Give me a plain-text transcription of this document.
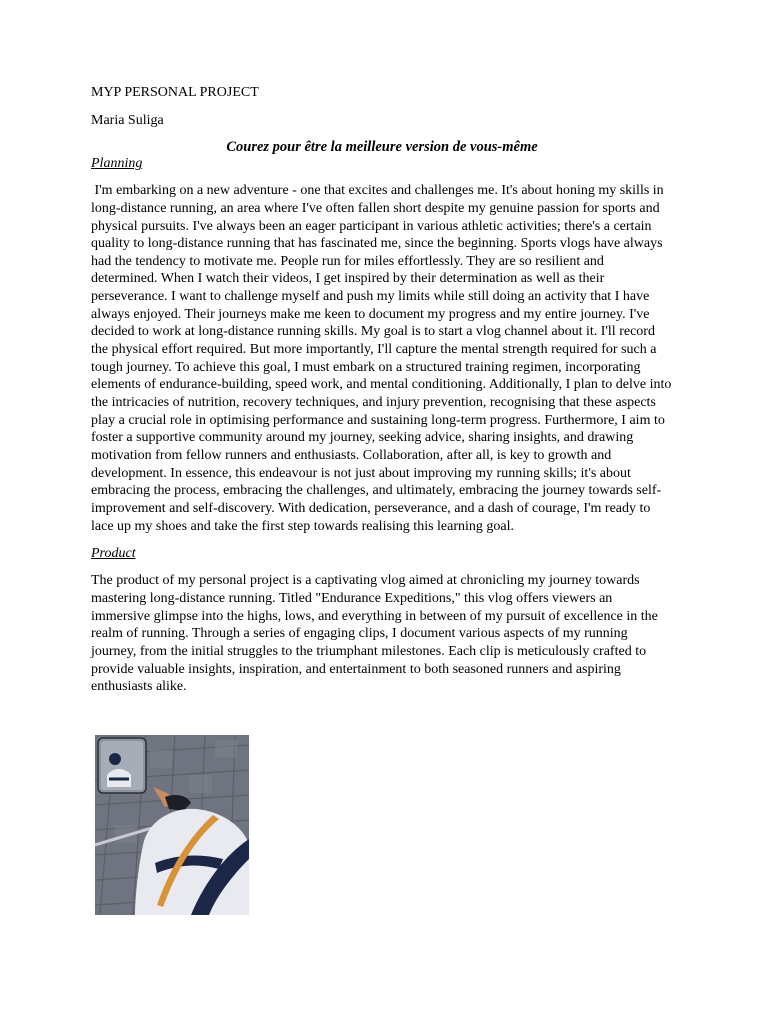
MYP PERSONAL PROJECT

Maria Suliga

Courez pour être la meilleure version de vous-même

Planning

I'm embarking on a new adventure - one that excites and challenges me. It's about honing my skills in long-distance running, an area where I've often fallen short despite my genuine passion for sports and physical pursuits. I've always been an eager participant in various athletic activities; there's a certain quality to long-distance running that has fascinated me, since the beginning. Sports vlogs have always had the tendency to motivate me. People run for miles effortlessly. They are so resilient and determined. When I watch their videos, I get inspired by their determination as well as their perseverance. I want to challenge myself and push my limits while still doing an activity that I have always enjoyed. Their journeys make me keen to document my progress and my entire journey. I've decided to work at long-distance running skills. My goal is to start a vlog channel about it. I'll record the physical effort required. But more importantly, I'll capture the mental strength required for such a tough journey. To achieve this goal, I must embark on a structured training regimen, incorporating elements of endurance-building, speed work, and mental conditioning. Additionally, I plan to delve into the intricacies of nutrition, recovery techniques, and injury prevention, recognising that these aspects play a crucial role in optimising performance and sustaining long-term progress. Furthermore, I aim to foster a supportive community around my journey, seeking advice, sharing insights, and drawing motivation from fellow runners and enthusiasts. Collaboration, after all, is key to growth and development. In essence, this endeavour is not just about improving my running skills; it's about embracing the process, embracing the challenges, and ultimately, embracing the journey towards self-improvement and self-discovery. With dedication, perseverance, and a dash of courage, I'm ready to lace up my shoes and take the first step towards realising this learning goal.

Product

The product of my personal project is a captivating vlog aimed at chronicling my journey towards mastering long-distance running. Titled "Endurance Expeditions," this vlog offers viewers an immersive glimpse into the highs, lows, and everything in between of my pursuit of excellence in the realm of running. Through a series of engaging clips, I document various aspects of my running journey, from the initial struggles to the triumphant milestones. Each clip is meticulously crafted to provide valuable insights, inspiration, and entertainment to both seasoned runners and aspiring enthusiasts alike.
